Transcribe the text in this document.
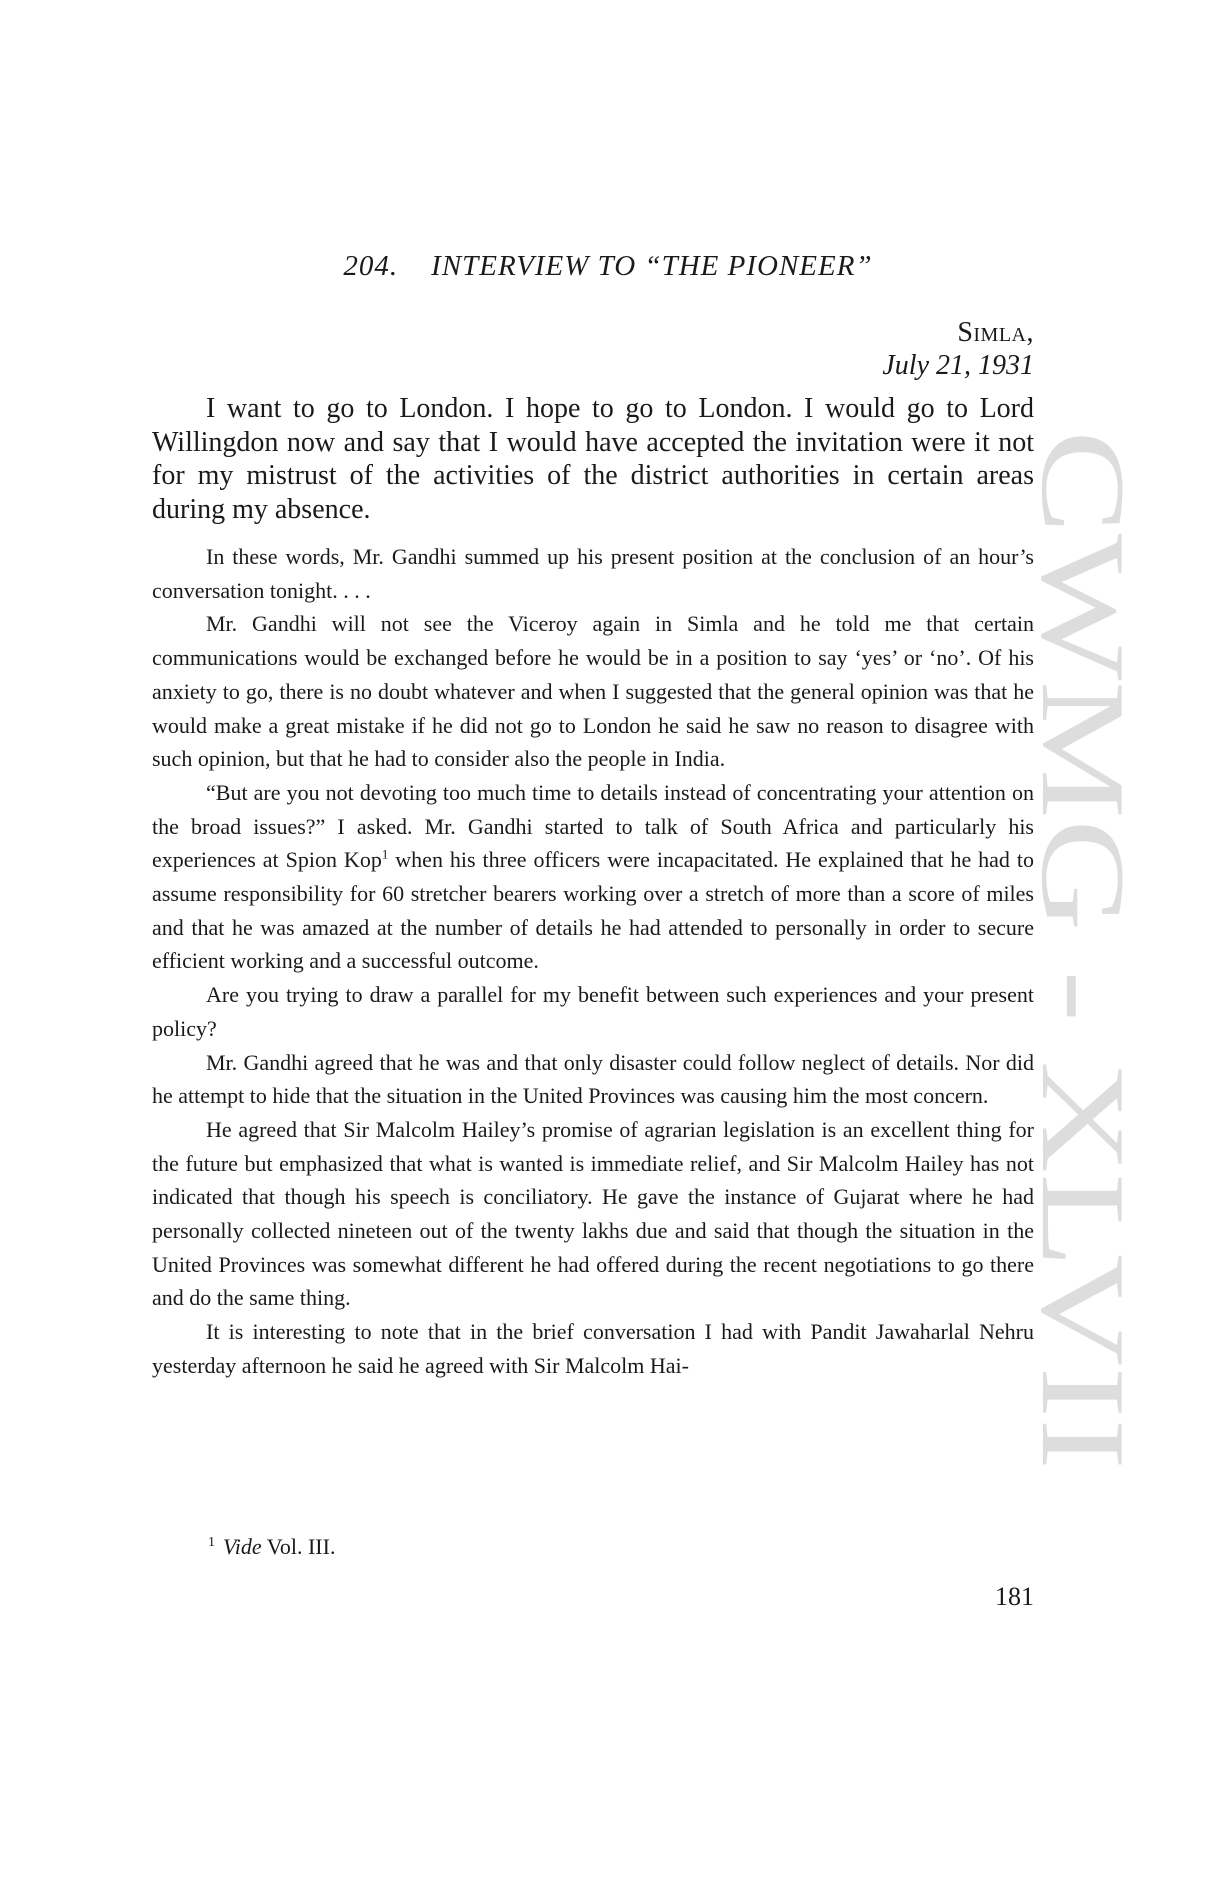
204. INTERVIEW TO “THE PIONEER”
Simla,
July 21, 1931

I want to go to London. I hope to go to London. I would go to Lord Willingdon now and say that I would have accepted the invitation were it not for my mistrust of the activities of the district authorities in certain areas during my absence.

In these words, Mr. Gandhi summed up his present position at the conclusion of an hour’s conversation tonight. . . .

Mr. Gandhi will not see the Viceroy again in Simla and he told me that certain communications would be exchanged before he would be in a position to say ‘yes’ or ‘no’. Of his anxiety to go, there is no doubt whatever and when I suggested that the general opinion was that he would make a great mistake if he did not go to London he said he saw no reason to disagree with such opinion, but that he had to consider also the people in India.

“But are you not devoting too much time to details instead of concentrating your attention on the broad issues?” I asked. Mr. Gandhi started to talk of South Africa and particularly his experiences at Spion Kop$^1$ when his three officers were incapacitated. He explained that he had to assume responsibility for 60 stretcher bearers working over a stretch of more than a score of miles and that he was amazed at the number of details he had attended to personally in order to secure efficient working and a successful outcome.

Are you trying to draw a parallel for my benefit between such experiences and your present policy?

Mr. Gandhi agreed that he was and that only disaster could follow neglect of details. Nor did he attempt to hide that the situation in the United Provinces was causing him the most concern.

He agreed that Sir Malcolm Hailey’s promise of agrarian legislation is an excellent thing for the future but emphasized that what is wanted is immediate relief, and Sir Malcolm Hailey has not indicated that though his speech is conciliatory. He gave the instance of Gujarat where he had personally collected nineteen out of the twenty lakhs due and said that though the situation in the United Provinces was somewhat different he had offered during the recent negotiations to go there and do the same thing.

It is interesting to note that in the brief conversation I had with Pandit Jawaharlal Nehru yesterday afternoon he said he agreed with Sir Malcolm Hai-

$^1$ Vide Vol. III.
181
CWMG - XLVII
